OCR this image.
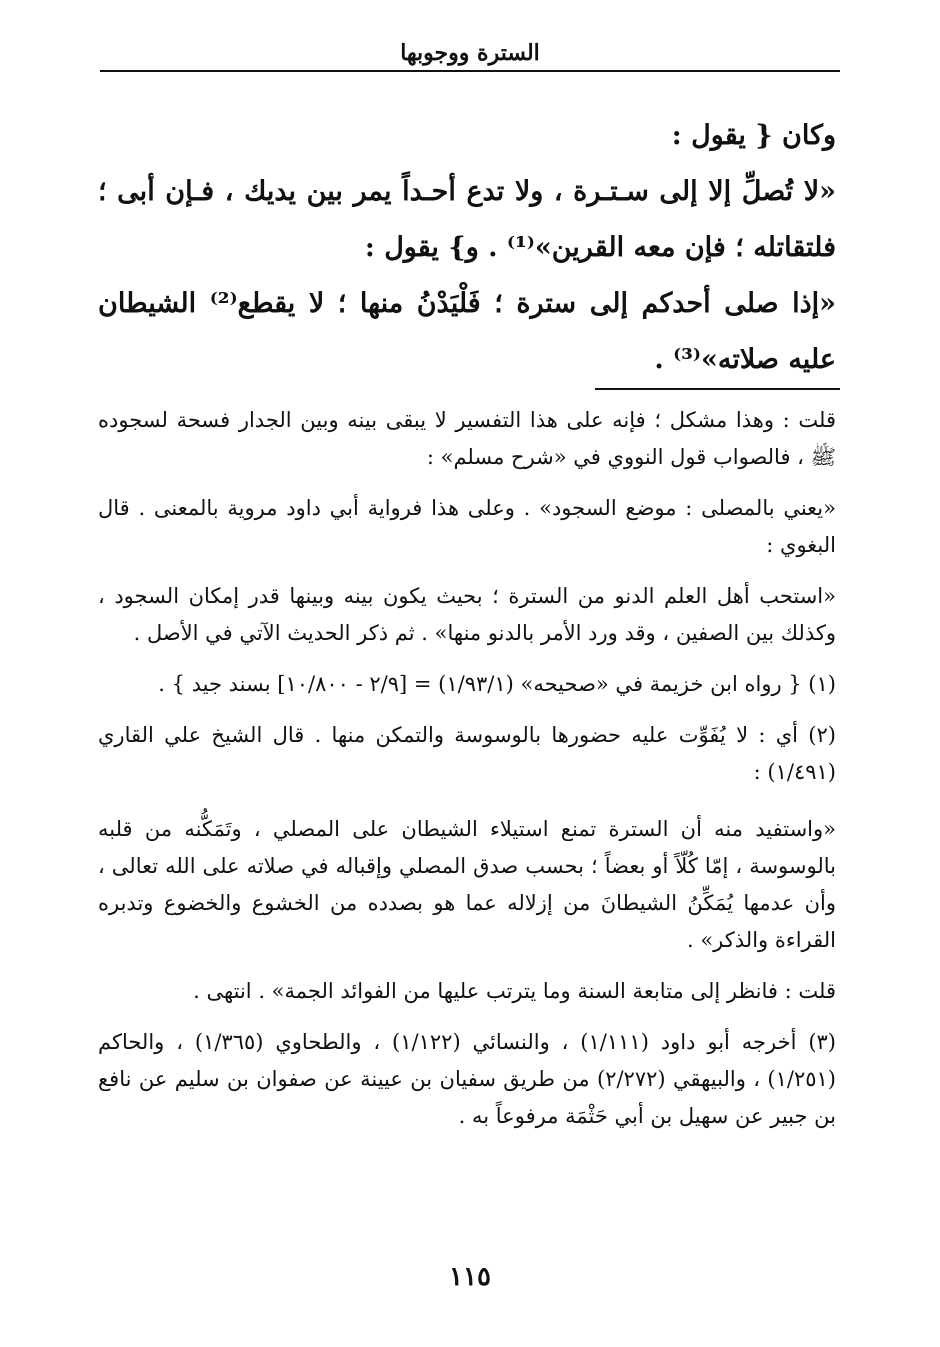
السترة ووجوبها

وكان { يقول :

«لا تُصلِّ إلا إلى سـتـرة ، ولا تدع أحـداً يمر بين يديك ، فـإن أبى ؛ فلتقاتله ؛ فإن معه القرين»⁽¹⁾ . و} يقول :

«إذا صلى أحدكم إلى سترة ؛ فَلْيَدْنُ منها ؛ لا يقطع⁽²⁾ الشيطان عليه صلاته»⁽³⁾ .

قلت : وهذا مشكل ؛ فإنه على هذا التفسير لا يبقى بينه وبين الجدار فسحة لسجوده ﷺ ، فالصواب قول النووي في «شرح مسلم» :

«يعني بالمصلى : موضع السجود» . وعلى هذا فرواية أبي داود مروية بالمعنى . قال البغوي :

«استحب أهل العلم الدنو من السترة ؛ بحيث يكون بينه وبينها قدر إمكان السجود ، وكذلك بين الصفين ، وقد ورد الأمر بالدنو منها» . ثم ذكر الحديث الآتي في الأصل .

(١) { رواه ابن خزيمة في «صحيحه» (١/٩٣/١) = [٢/٩ - ١٠/٨٠٠] بسند جيد } .

(٢) أي : لا يُفَوِّت عليه حضورها بالوسوسة والتمكن منها . قال الشيخ علي القاري (١/٤٩١) :

«واستفيد منه أن السترة تمنع استيلاء الشيطان على المصلي ، وتَمَكُّنه من قلبه بالوسوسة ، إمّا كُلّاً أو بعضاً ؛ بحسب صدق المصلي وإقباله في صلاته على الله تعالى ، وأن عدمها يُمَكِّنُ الشيطانَ من إزلاله عما هو بصدده من الخشوع والخضوع وتدبره القراءة والذكر» .

قلت : فانظر إلى متابعة السنة وما يترتب عليها من الفوائد الجمة» . انتهى .

(٣) أخرجه أبو داود (١/١١١) ، والنسائي (١/١٢٢) ، والطحاوي (١/٣٦٥) ، والحاكم (١/٢٥١) ، والبيهقي (٢/٢٧٢) من طريق سفيان بن عيينة عن صفوان بن سليم عن نافع بن جبير عن سهيل بن أبي حَثْمَة مرفوعاً به .

١١٥
